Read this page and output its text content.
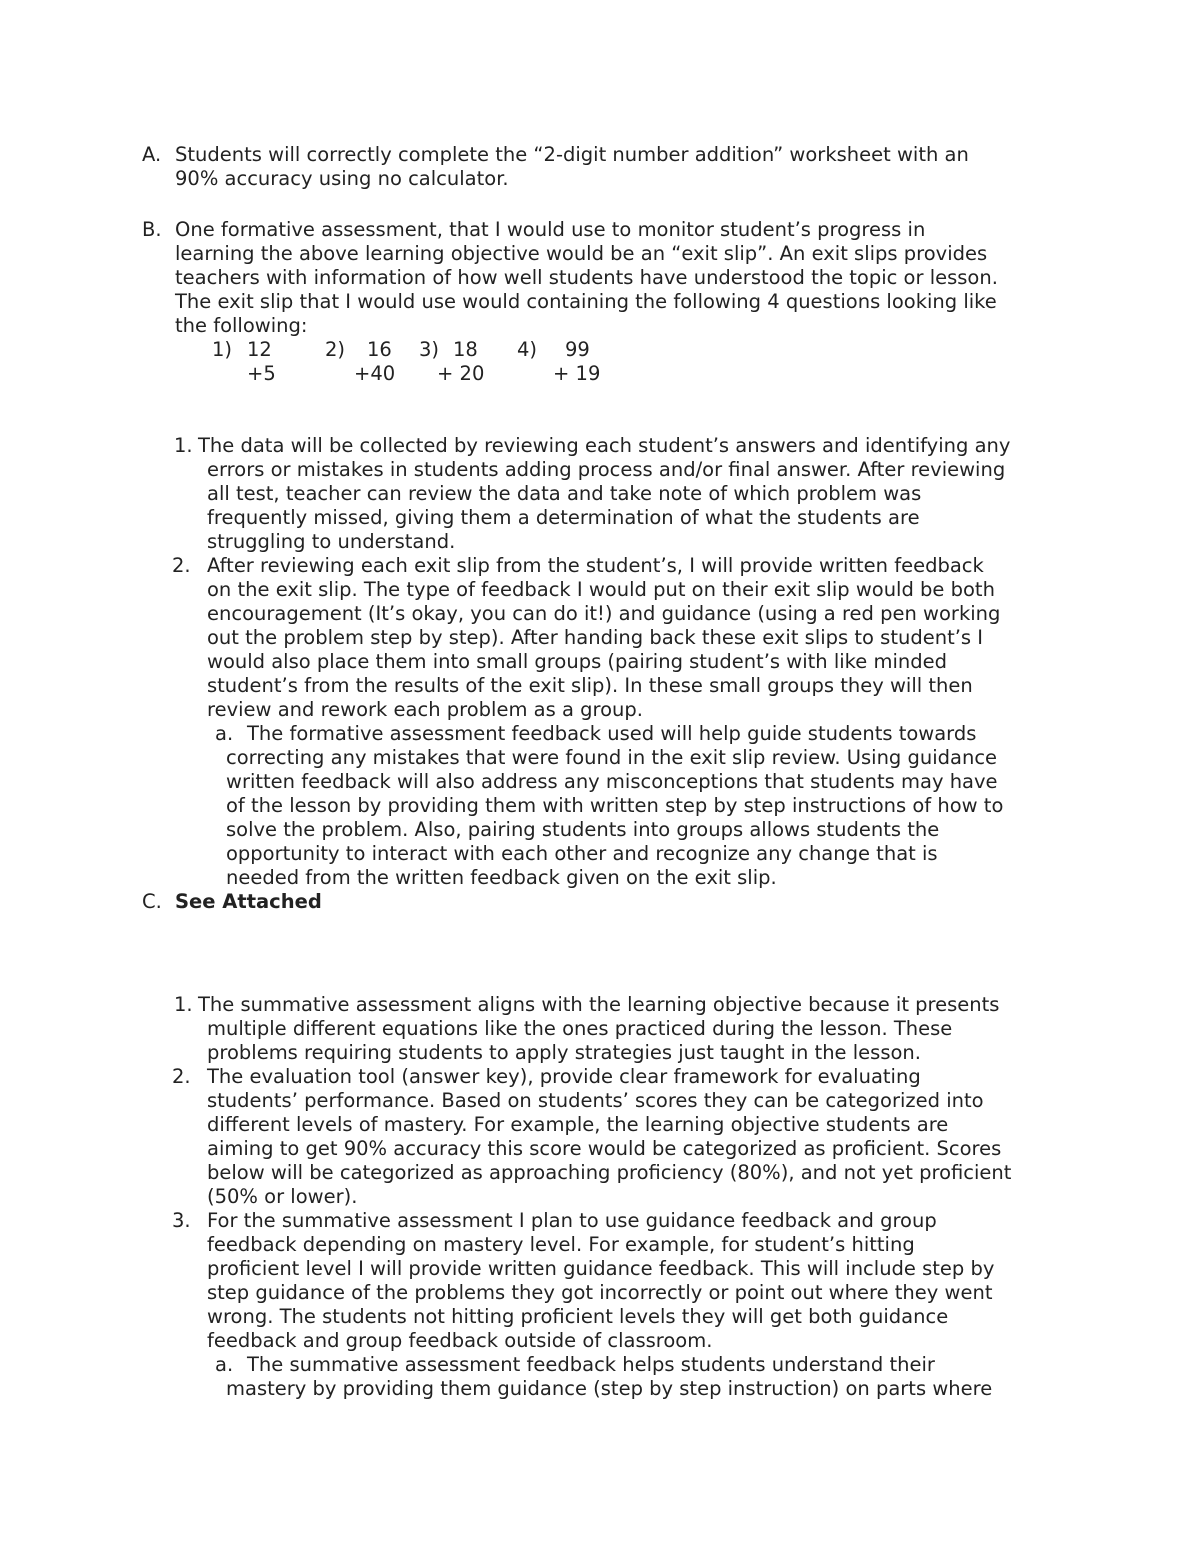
A. Students will correctly complete the “2-digit number addition” worksheet with an
90% accuracy using no calculator.
B. One formative assessment, that I would use to monitor student’s progress in
learning the above learning objective would be an “exit slip”. An exit slips provides
teachers with information of how well students have understood the topic or lesson.
The exit slip that I would use would containing the following 4 questions looking like
the following:
1) 12
+5
2) 16
+40
3) 18
+ 20
4) 99
+ 19
1. The data will be collected by reviewing each student’s answers and identifying any
errors or mistakes in students adding process and/or final answer. After reviewing
all test, teacher can review the data and take note of which problem was
frequently missed, giving them a determination of what the students are
struggling to understand.
2. After reviewing each exit slip from the student’s, I will provide written feedback
on the exit slip. The type of feedback I would put on their exit slip would be both
encouragement (It’s okay, you can do it!) and guidance (using a red pen working
out the problem step by step). After handing back these exit slips to student’s I
would also place them into small groups (pairing student’s with like minded
student’s from the results of the exit slip). In these small groups they will then
review and rework each problem as a group.
a. The formative assessment feedback used will help guide students towards
correcting any mistakes that were found in the exit slip review. Using guidance
written feedback will also address any misconceptions that students may have
of the lesson by providing them with written step by step instructions of how to
solve the problem. Also, pairing students into groups allows students the
opportunity to interact with each other and recognize any change that is
needed from the written feedback given on the exit slip.
C. See Attached
1. The summative assessment aligns with the learning objective because it presents
multiple different equations like the ones practiced during the lesson. These
problems requiring students to apply strategies just taught in the lesson.
2. The evaluation tool (answer key), provide clear framework for evaluating
students’ performance. Based on students’ scores they can be categorized into
different levels of mastery. For example, the learning objective students are
aiming to get 90% accuracy this score would be categorized as proficient. Scores
below will be categorized as approaching proficiency (80%), and not yet proficient
(50% or lower).
3. For the summative assessment I plan to use guidance feedback and group
feedback depending on mastery level. For example, for student’s hitting
proficient level I will provide written guidance feedback. This will include step by
step guidance of the problems they got incorrectly or point out where they went
wrong. The students not hitting proficient levels they will get both guidance
feedback and group feedback outside of classroom.
a. The summative assessment feedback helps students understand their
mastery by providing them guidance (step by step instruction) on parts where
